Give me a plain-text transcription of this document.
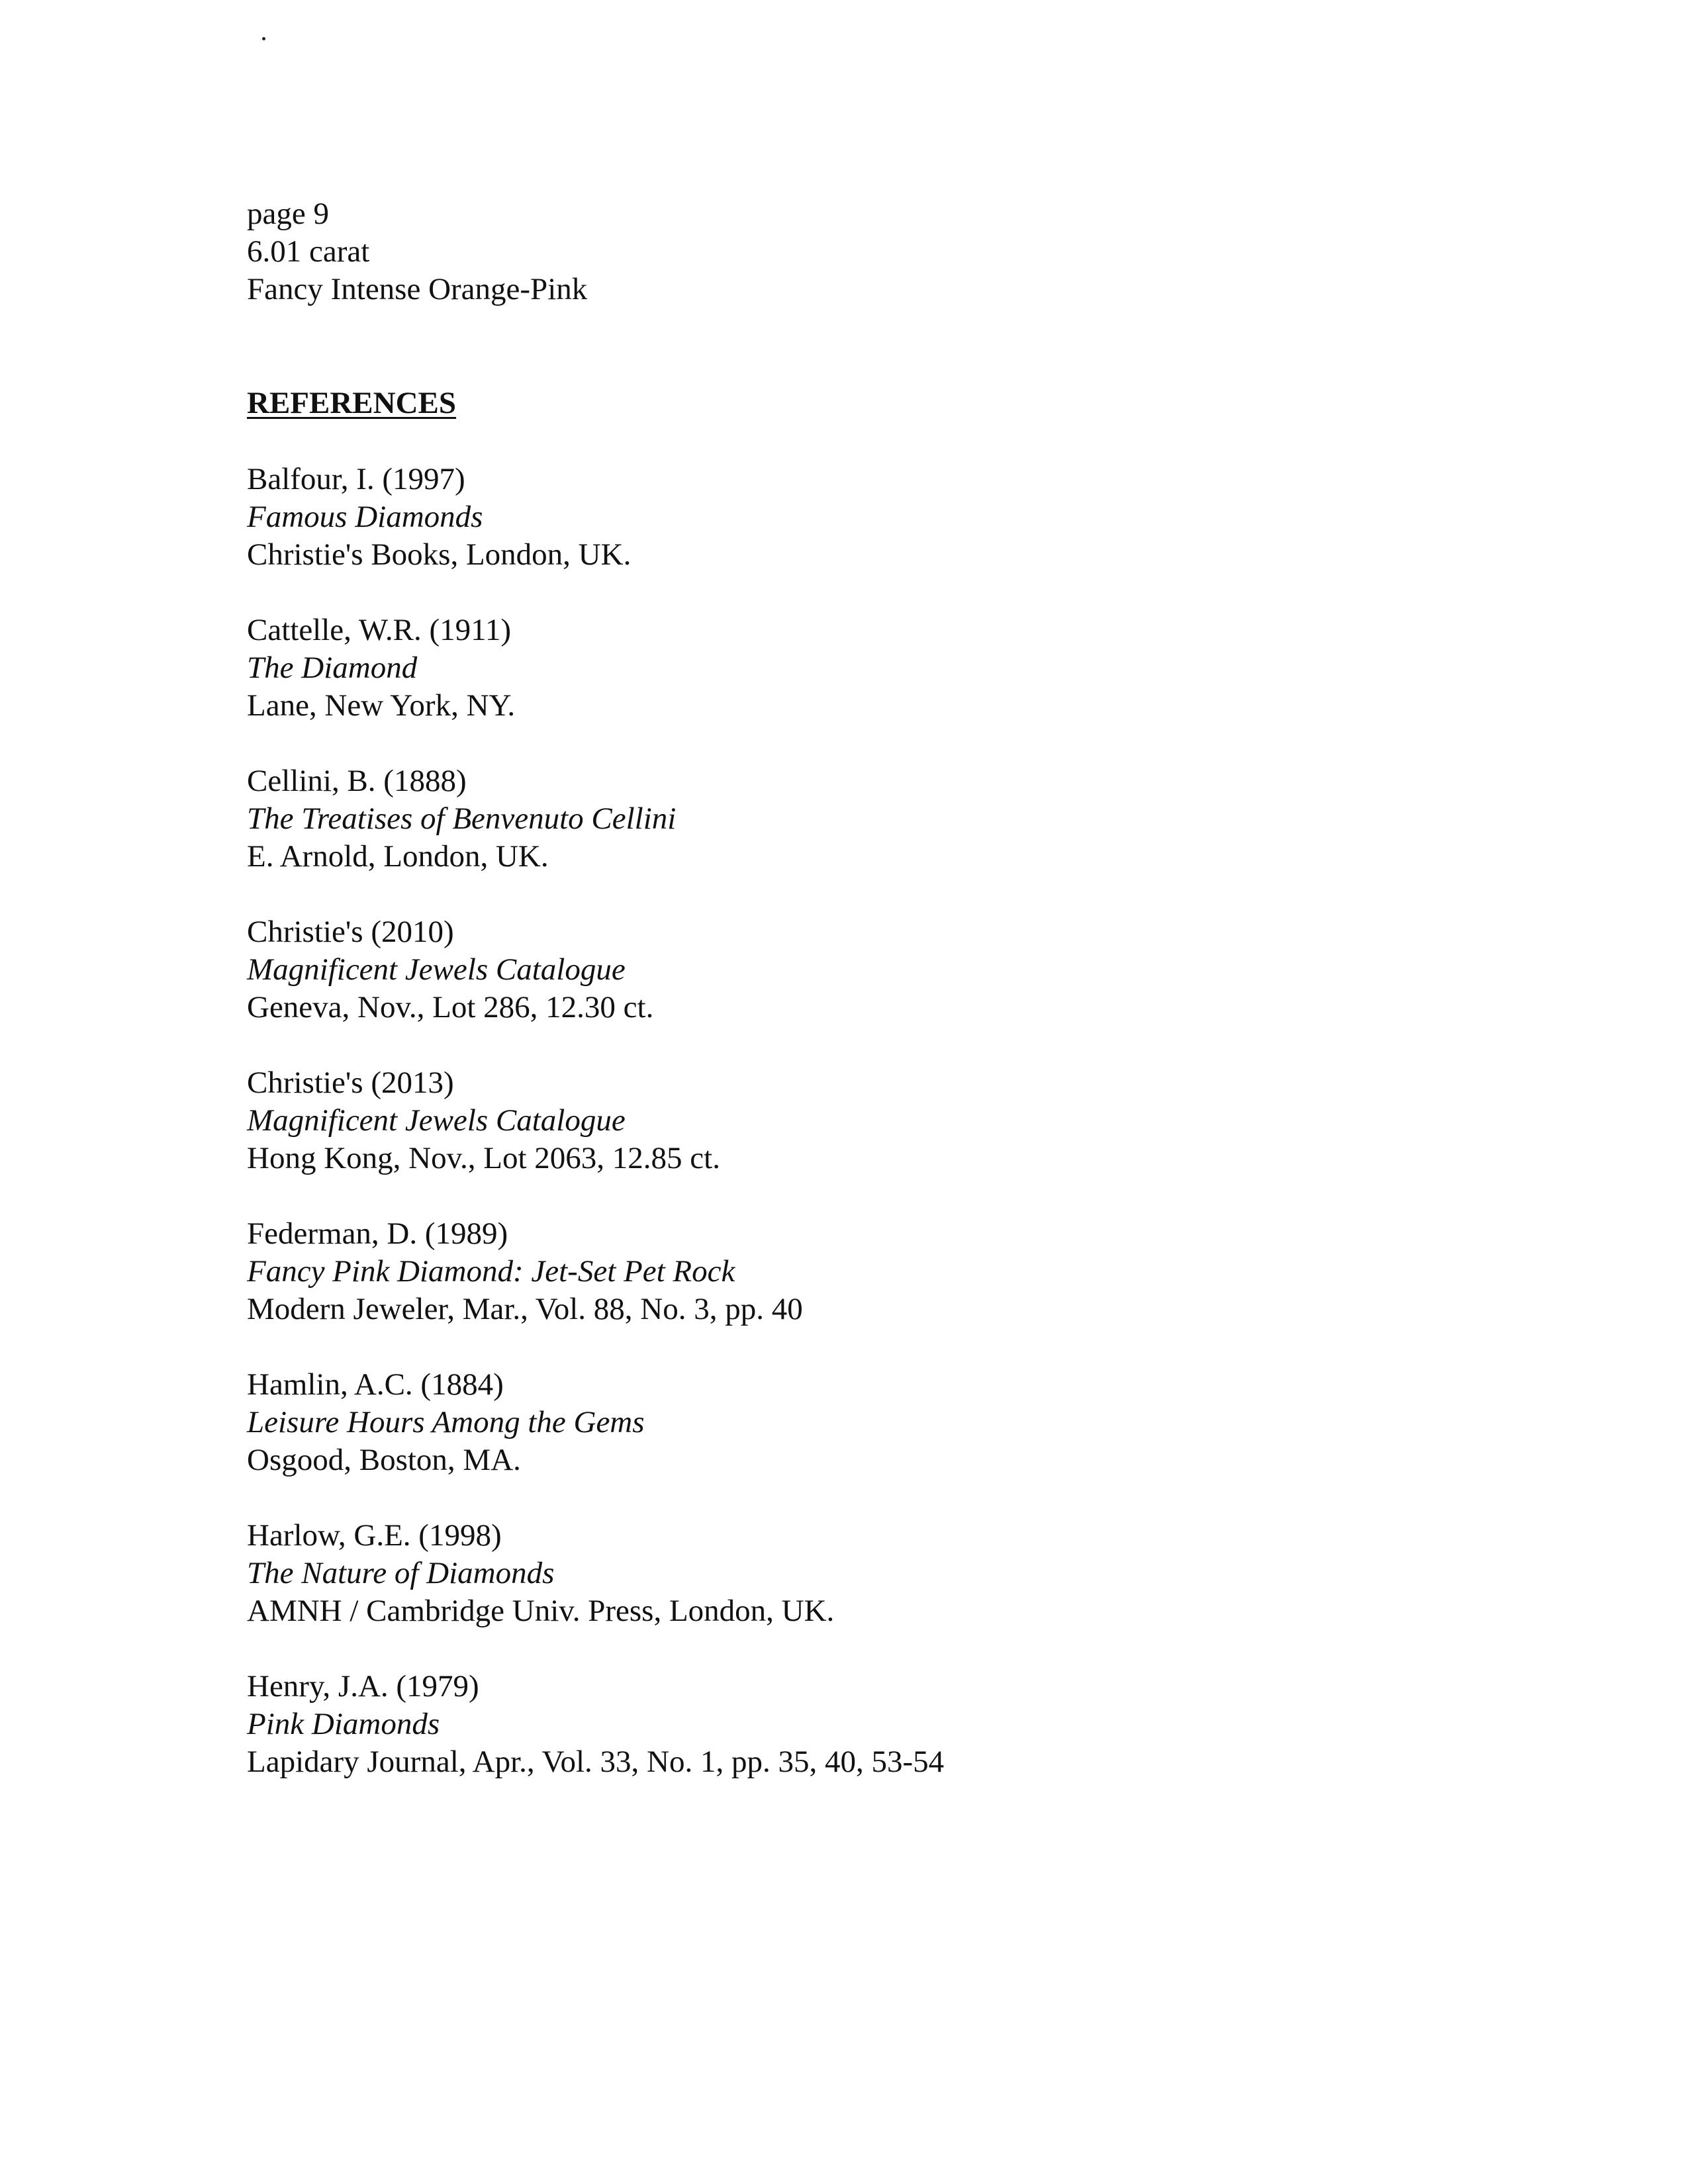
page 9
6.01 carat
Fancy Intense Orange-Pink
REFERENCES
Balfour, I. (1997)
Famous Diamonds
Christie's Books, London, UK.
Cattelle, W.R. (1911)
The Diamond
Lane, New York, NY.
Cellini, B. (1888)
The Treatises of Benvenuto Cellini
E. Arnold, London, UK.
Christie's (2010)
Magnificent Jewels Catalogue
Geneva, Nov., Lot 286, 12.30 ct.
Christie's (2013)
Magnificent Jewels Catalogue
Hong Kong, Nov., Lot 2063, 12.85 ct.
Federman, D. (1989)
Fancy Pink Diamond: Jet-Set Pet Rock
Modern Jeweler, Mar., Vol. 88, No. 3, pp. 40
Hamlin, A.C. (1884)
Leisure Hours Among the Gems
Osgood, Boston, MA.
Harlow, G.E. (1998)
The Nature of Diamonds
AMNH / Cambridge Univ. Press, London, UK.
Henry, J.A. (1979)
Pink Diamonds
Lapidary Journal, Apr., Vol. 33, No. 1, pp. 35, 40, 53-54
